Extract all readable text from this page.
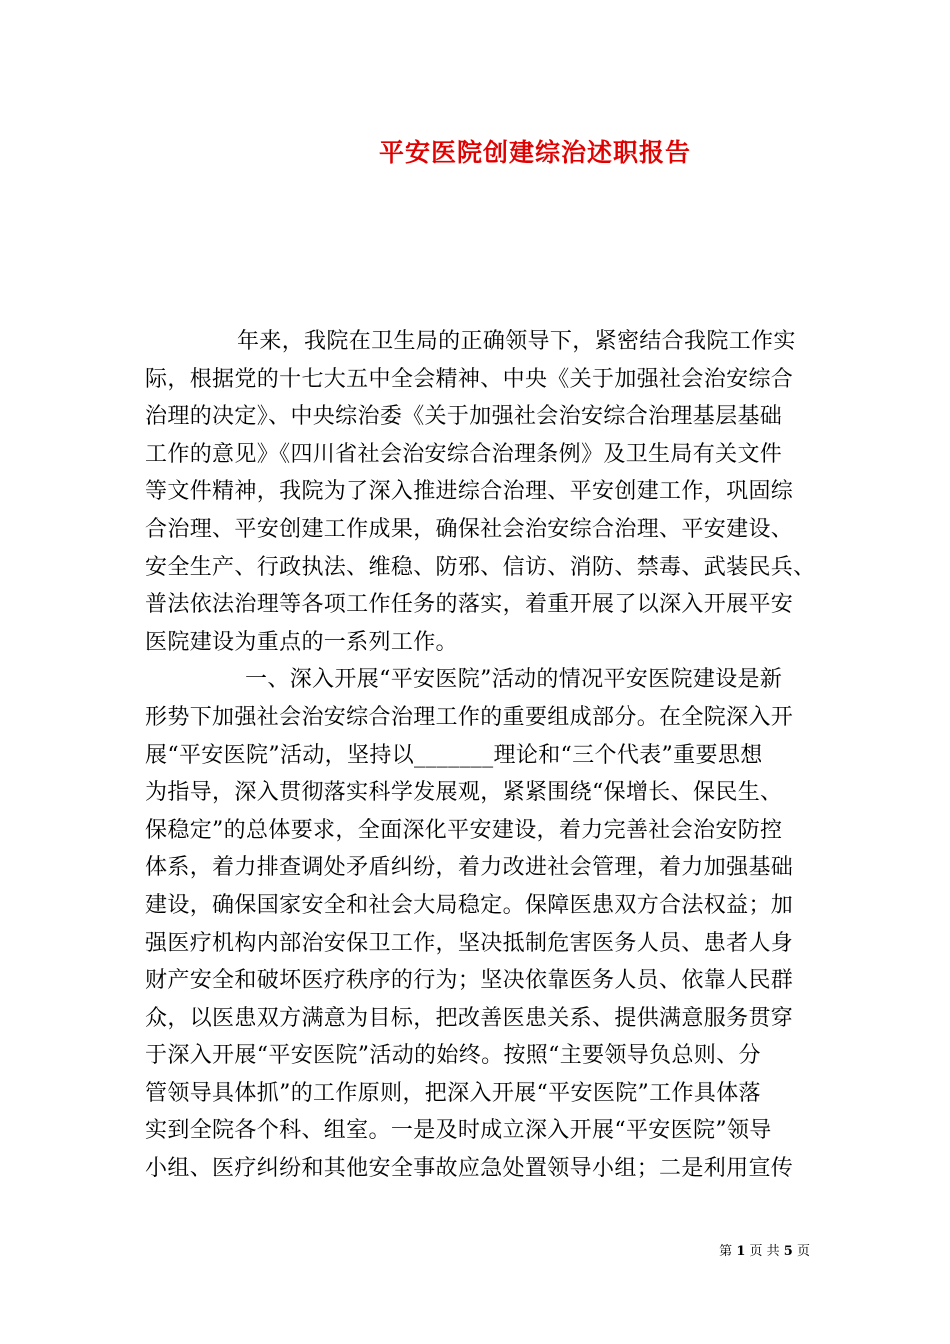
平安医院创建综治述职报告
年来，我院在卫生局的正确领导下，紧密结合我院工作实
际，根据党的十七大五中全会精神、中央《关于加强社会治安综合
治理的决定》、中央综治委《关于加强社会治安综合治理基层基础
工作的意见》《四川省社会治安综合治理条例》及卫生局有关文件
等文件精神，我院为了深入推进综合治理、平安创建工作，巩固综
合治理、平安创建工作成果，确保社会治安综合治理、平安建设、
安全生产、行政执法、维稳、防邪、信访、消防、禁毒、武装民兵、
普法依法治理等各项工作任务的落实，着重开展了以深入开展平安
医院建设为重点的一系列工作。
一、深入开展“平安医院”活动的情况平安医院建设是新
形势下加强社会治安综合治理工作的重要组成部分。在全院深入开
展“平安医院”活动，坚持以_______理论和“三个代表”重要思想
为指导，深入贯彻落实科学发展观，紧紧围绕“保增长、保民生、
保稳定”的总体要求，全面深化平安建设，着力完善社会治安防控
体系，着力排查调处矛盾纠纷，着力改进社会管理，着力加强基础
建设，确保国家安全和社会大局稳定。保障医患双方合法权益；加
强医疗机构内部治安保卫工作，坚决抵制危害医务人员、患者人身
财产安全和破坏医疗秩序的行为；坚决依靠医务人员、依靠人民群
众，以医患双方满意为目标，把改善医患关系、提供满意服务贯穿
于深入开展“平安医院”活动的始终。按照“主要领导负总则、分
管领导具体抓”的工作原则，把深入开展“平安医院”工作具体落
实到全院各个科、组室。一是及时成立深入开展“平安医院”领导
小组、医疗纠纷和其他安全事故应急处置领导小组；二是利用宣传
第 1 页 共 5 页
